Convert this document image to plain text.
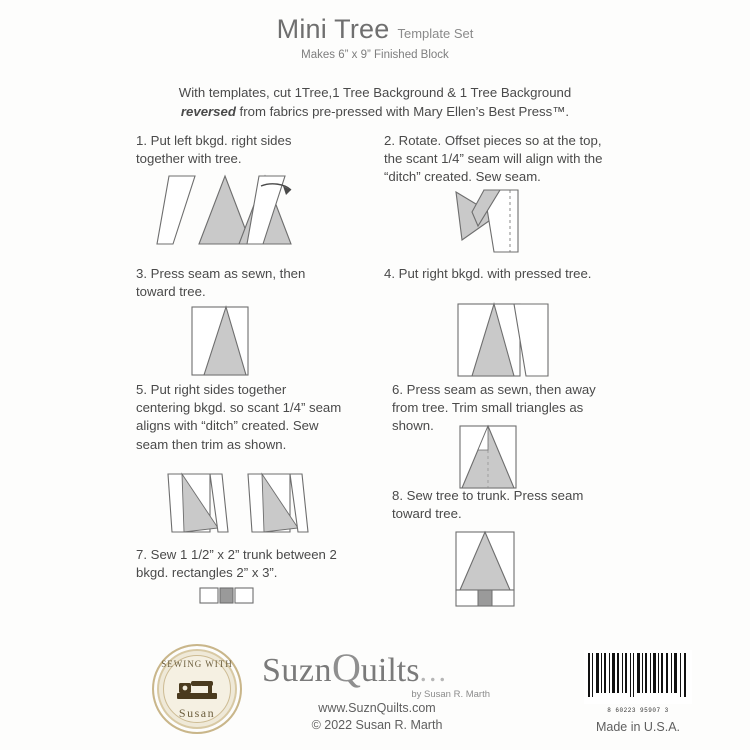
Mini Tree Template Set
Makes 6” x 9” Finished Block
With templates, cut 1Tree,1 Tree Background & 1 Tree Background
reversed from fabrics pre-pressed with Mary Ellen’s Best Press™.
1. Put left bkgd. right sides together with tree.
2. Rotate. Offset pieces so at the top, the scant 1/4” seam will align with the “ditch” created. Sew seam.
3. Press seam as sewn, then toward tree.
4. Put right bkgd. with pressed tree.
5. Put right sides together centering bkgd. so scant 1/4” seam aligns with “ditch” created. Sew seam then trim as shown.
6. Press seam as sewn, then away from tree. Trim small triangles as shown.
8. Sew tree to trunk. Press seam toward tree.
7. Sew 1 1/2” x 2” trunk between 2 bkgd. rectangles 2” x 3”.
SEWING WITH
Susan
SuznQuilts...
by Susan R. Marth
www.SuznQuilts.com
© 2022 Susan R. Marth
8 60223 95907 3
Made in U.S.A.
